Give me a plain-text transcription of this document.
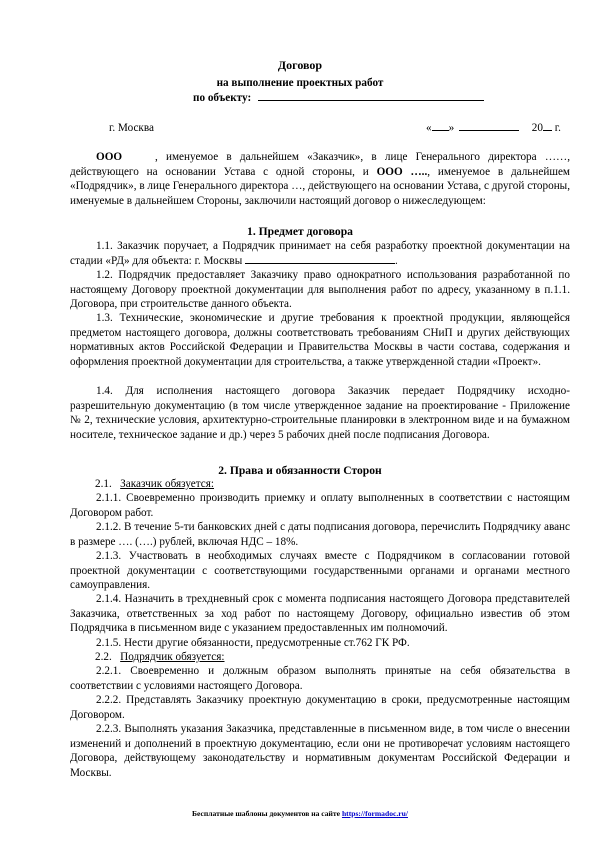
Договор
на выполнение проектных работ
по объекту:
г. Москва	« »	20 г.
ООО	, именуемое в дальнейшем «Заказчик», в лице Генерального директора ……, действующего на основании Устава с одной стороны, и ООО ….., именуемое в дальнейшем «Подрядчик», в лице Генерального директора …, действующего на основании Устава, с другой стороны, именуемые в дальнейшем Стороны, заключили настоящий договор о нижеследующем:
1. Предмет договора
1.1. Заказчик поручает, а Подрядчик принимает на себя разработку проектной документации на стадии «РД» для объекта: г. Москвы	.
1.2. Подрядчик предоставляет Заказчику право однократного использования разработанной по настоящему Договору проектной документации для выполнения работ по адресу, указанному в п.1.1. Договора, при строительстве данного объекта.
1.3. Технические, экономические и другие требования к проектной продукции, являющейся предметом настоящего договора, должны соответствовать требованиям СНиП и других действующих нормативных актов Российской Федерации и Правительства Москвы в части состава, содержания и оформления проектной документации для строительства, а также утвержденной стадии «Проект».
1.4. Для исполнения настоящего договора Заказчик передает Подрядчику исходно-разрешительную документацию (в том числе утвержденное задание на проектирование - Приложение № 2, технические условия, архитектурно-строительные планировки в электронном виде и на бумажном носителе, техническое задание и др.) через 5 рабочих дней после подписания Договора.
2. Права и обязанности Сторон
2.1. Заказчик обязуется:
2.1.1. Своевременно производить приемку и оплату выполненных в соответствии с настоящим Договором работ.
2.1.2. В течение 5-ти банковских дней с даты подписания договора, перечислить Подрядчику аванс в размере …. (….) рублей, включая НДС – 18%.
2.1.3. Участвовать в необходимых случаях вместе с Подрядчиком в согласовании готовой проектной документации с соответствующими государственными органами и органами местного самоуправления.
2.1.4. Назначить в трехдневный срок с момента подписания настоящего Договора представителей Заказчика, ответственных за ход работ по настоящему Договору, официально известив об этом Подрядчика в письменном виде с указанием предоставленных им полномочий.
2.1.5. Нести другие обязанности, предусмотренные ст.762 ГК РФ.
2.2. Подрядчик обязуется:
2.2.1. Своевременно и должным образом выполнять принятые на себя обязательства в соответствии с условиями настоящего Договора.
2.2.2. Представлять Заказчику проектную документацию в сроки, предусмотренные настоящим Договором.
2.2.3. Выполнять указания Заказчика, представленные в письменном виде, в том числе о внесении изменений и дополнений в проектную документацию, если они не противоречат условиям настоящего Договора, действующему законодательству и нормативным документам Российской Федерации и Москвы.
Бесплатные шаблоны документов на сайте https://formadoc.ru/
